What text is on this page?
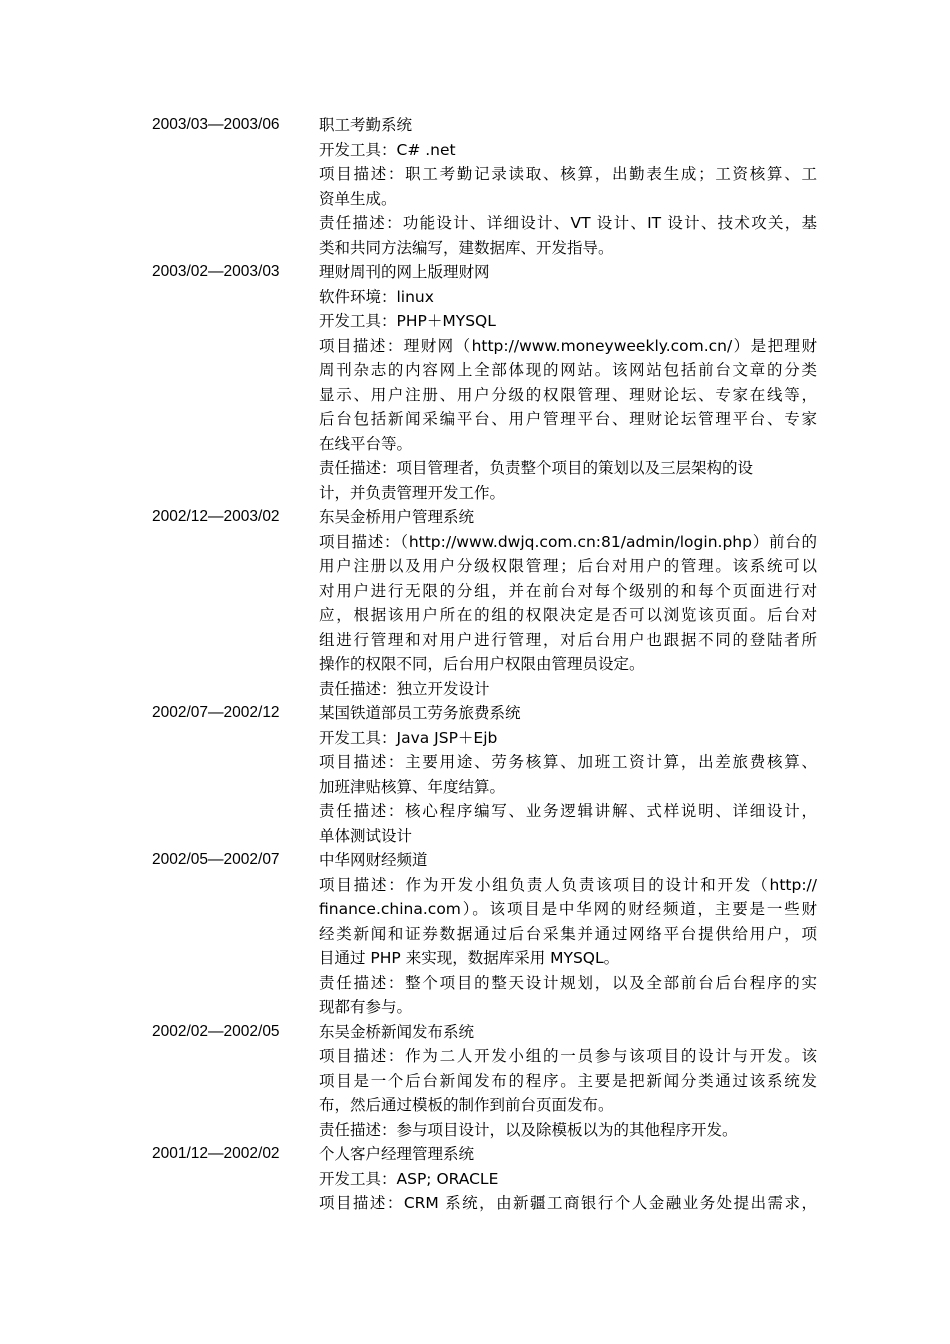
2003/03—2003/06	职工考勤系统
开发工具：C# .net
项目描述：职工考勤记录读取、核算，出勤表生成；工资核算、工
资单生成。
责任描述：功能设计、详细设计、VT 设计、IT 设计、技术攻关，基
类和共同方法编写，建数据库、开发指导。
2003/02—2003/03	理财周刊的网上版理财网
软件环境：linux
开发工具：PHP＋MYSQL
项目描述：理财网（http://www.moneyweekly.com.cn/）是把理财
周刊杂志的内容网上全部体现的网站。该网站包括前台文章的分类
显示、用户注册、用户分级的权限管理、理财论坛、专家在线等，
后台包括新闻采编平台、用户管理平台、理财论坛管理平台、专家
在线平台等。
责任描述：项目管理者，负责整个项目的策划以及三层架构的设
计，并负责管理开发工作。
2002/12—2003/02	东吴金桥用户管理系统
项目描述：（http://www.dwjq.com.cn:81/admin/login.php）前台的
用户注册以及用户分级权限管理；后台对用户的管理。该系统可以
对用户进行无限的分组，并在前台对每个级别的和每个页面进行对
应，根据该用户所在的组的权限决定是否可以浏览该页面。后台对
组进行管理和对用户进行管理，对后台用户也跟据不同的登陆者所
操作的权限不同，后台用户权限由管理员设定。
责任描述：独立开发设计
2002/07—2002/12	某国铁道部员工劳务旅费系统
开发工具：Java JSP＋Ejb
项目描述：主要用途、劳务核算、加班工资计算，出差旅费核算、
加班津贴核算、年度结算。
责任描述：核心程序编写、业务逻辑讲解、式样说明、详细设计，
单体测试设计
2002/05—2002/07	中华网财经频道
项目描述：作为开发小组负责人负责该项目的设计和开发（http://
finance.china.com）。该项目是中华网的财经频道，主要是一些财
经类新闻和证券数据通过后台采集并通过网络平台提供给用户，项
目通过 PHP 来实现，数据库采用 MYSQL。
责任描述：整个项目的整天设计规划，以及全部前台后台程序的实
现都有参与。
2002/02—2002/05	东吴金桥新闻发布系统
项目描述：作为二人开发小组的一员参与该项目的设计与开发。该
项目是一个后台新闻发布的程序。主要是把新闻分类通过该系统发
布，然后通过模板的制作到前台页面发布。
责任描述：参与项目设计，以及除模板以为的其他程序开发。
2001/12—2002/02	个人客户经理管理系统
开发工具：ASP; ORACLE
项目描述：CRM 系统，由新疆工商银行个人金融业务处提出需求，
